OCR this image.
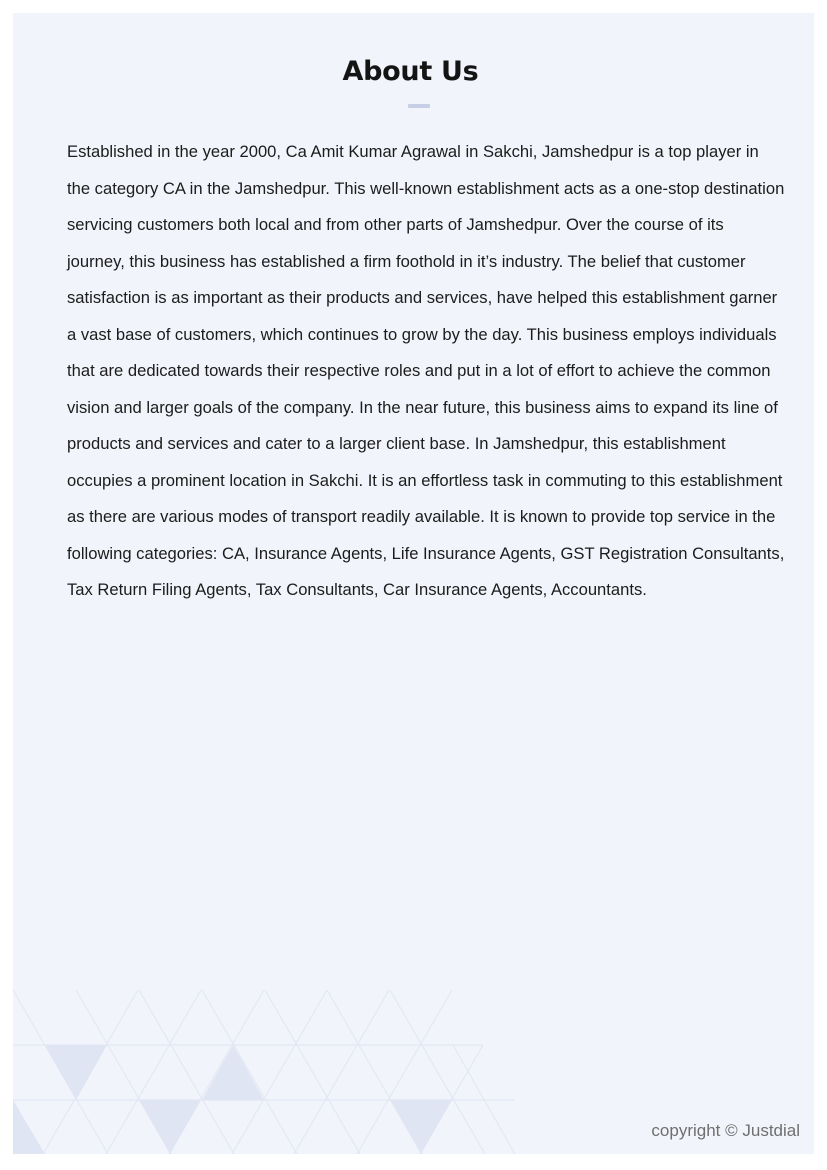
About Us

Established in the year 2000, Ca Amit Kumar Agrawal in Sakchi, Jamshedpur is a top player in the category CA in the Jamshedpur. This well-known establishment acts as a one-stop destination servicing customers both local and from other parts of Jamshedpur. Over the course of its journey, this business has established a firm foothold in it’s industry. The belief that customer satisfaction is as important as their products and services, have helped this establishment garner a vast base of customers, which continues to grow by the day. This business employs individuals that are dedicated towards their respective roles and put in a lot of effort to achieve the common vision and larger goals of the company. In the near future, this business aims to expand its line of products and services and cater to a larger client base. In Jamshedpur, this establishment occupies a prominent location in Sakchi. It is an effortless task in commuting to this establishment as there are various modes of transport readily available. It is known to provide top service in the following categories: CA, Insurance Agents, Life Insurance Agents, GST Registration Consultants, Tax Return Filing Agents, Tax Consultants, Car Insurance Agents, Accountants.

copyright © Justdial
